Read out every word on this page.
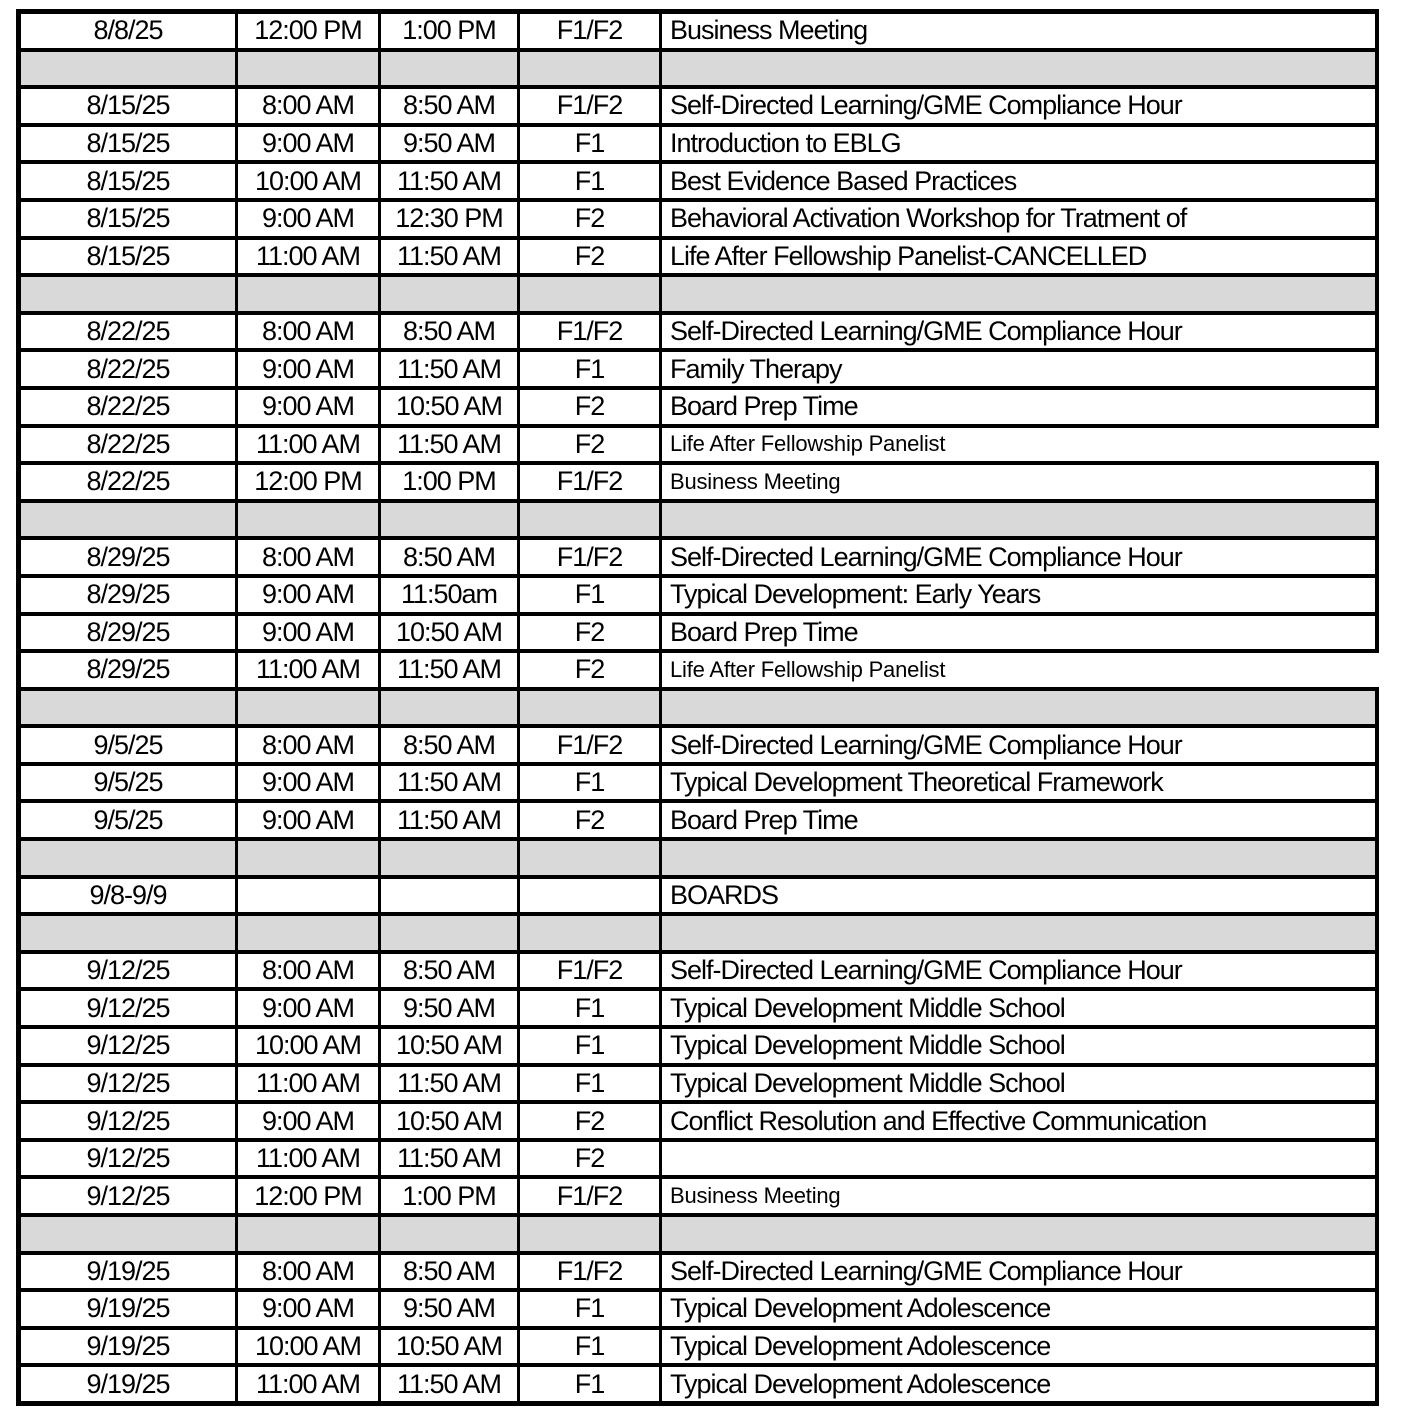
8/8/25	12:00 PM	1:00 PM	F1/F2	Business Meeting

8/15/25	8:00 AM	8:50 AM	F1/F2	Self-Directed Learning/GME Compliance Hour
8/15/25	9:00 AM	9:50 AM	F1	Introduction to EBLG
8/15/25	10:00 AM	11:50 AM	F1	Best Evidence Based Practices
8/15/25	9:00 AM	12:30 PM	F2	Behavioral Activation Workshop for Tratment of
8/15/25	11:00 AM	11:50 AM	F2	Life After Fellowship Panelist-CANCELLED

8/22/25	8:00 AM	8:50 AM	F1/F2	Self-Directed Learning/GME Compliance Hour
8/22/25	9:00 AM	11:50 AM	F1	Family Therapy
8/22/25	9:00 AM	10:50 AM	F2	Board Prep Time
8/22/25	11:00 AM	11:50 AM	F2	Life After Fellowship Panelist
8/22/25	12:00 PM	1:00 PM	F1/F2	Business Meeting

8/29/25	8:00 AM	8:50 AM	F1/F2	Self-Directed Learning/GME Compliance Hour
8/29/25	9:00 AM	11:50am	F1	Typical Development: Early Years
8/29/25	9:00 AM	10:50 AM	F2	Board Prep Time
8/29/25	11:00 AM	11:50 AM	F2	Life After Fellowship Panelist

9/5/25	8:00 AM	8:50 AM	F1/F2	Self-Directed Learning/GME Compliance Hour
9/5/25	9:00 AM	11:50 AM	F1	Typical Development Theoretical Framework
9/5/25	9:00 AM	11:50 AM	F2	Board Prep Time

9/8-9/9				BOARDS

9/12/25	8:00 AM	8:50 AM	F1/F2	Self-Directed Learning/GME Compliance Hour
9/12/25	9:00 AM	9:50 AM	F1	Typical Development Middle School
9/12/25	10:00 AM	10:50 AM	F1	Typical Development Middle School
9/12/25	11:00 AM	11:50 AM	F1	Typical Development Middle School
9/12/25	9:00 AM	10:50 AM	F2	Conflict Resolution and Effective Communication
9/12/25	11:00 AM	11:50 AM	F2	
9/12/25	12:00 PM	1:00 PM	F1/F2	Business Meeting

9/19/25	8:00 AM	8:50 AM	F1/F2	Self-Directed Learning/GME Compliance Hour
9/19/25	9:00 AM	9:50 AM	F1	Typical Development Adolescence
9/19/25	10:00 AM	10:50 AM	F1	Typical Development Adolescence
9/19/25	11:00 AM	11:50 AM	F1	Typical Development Adolescence
